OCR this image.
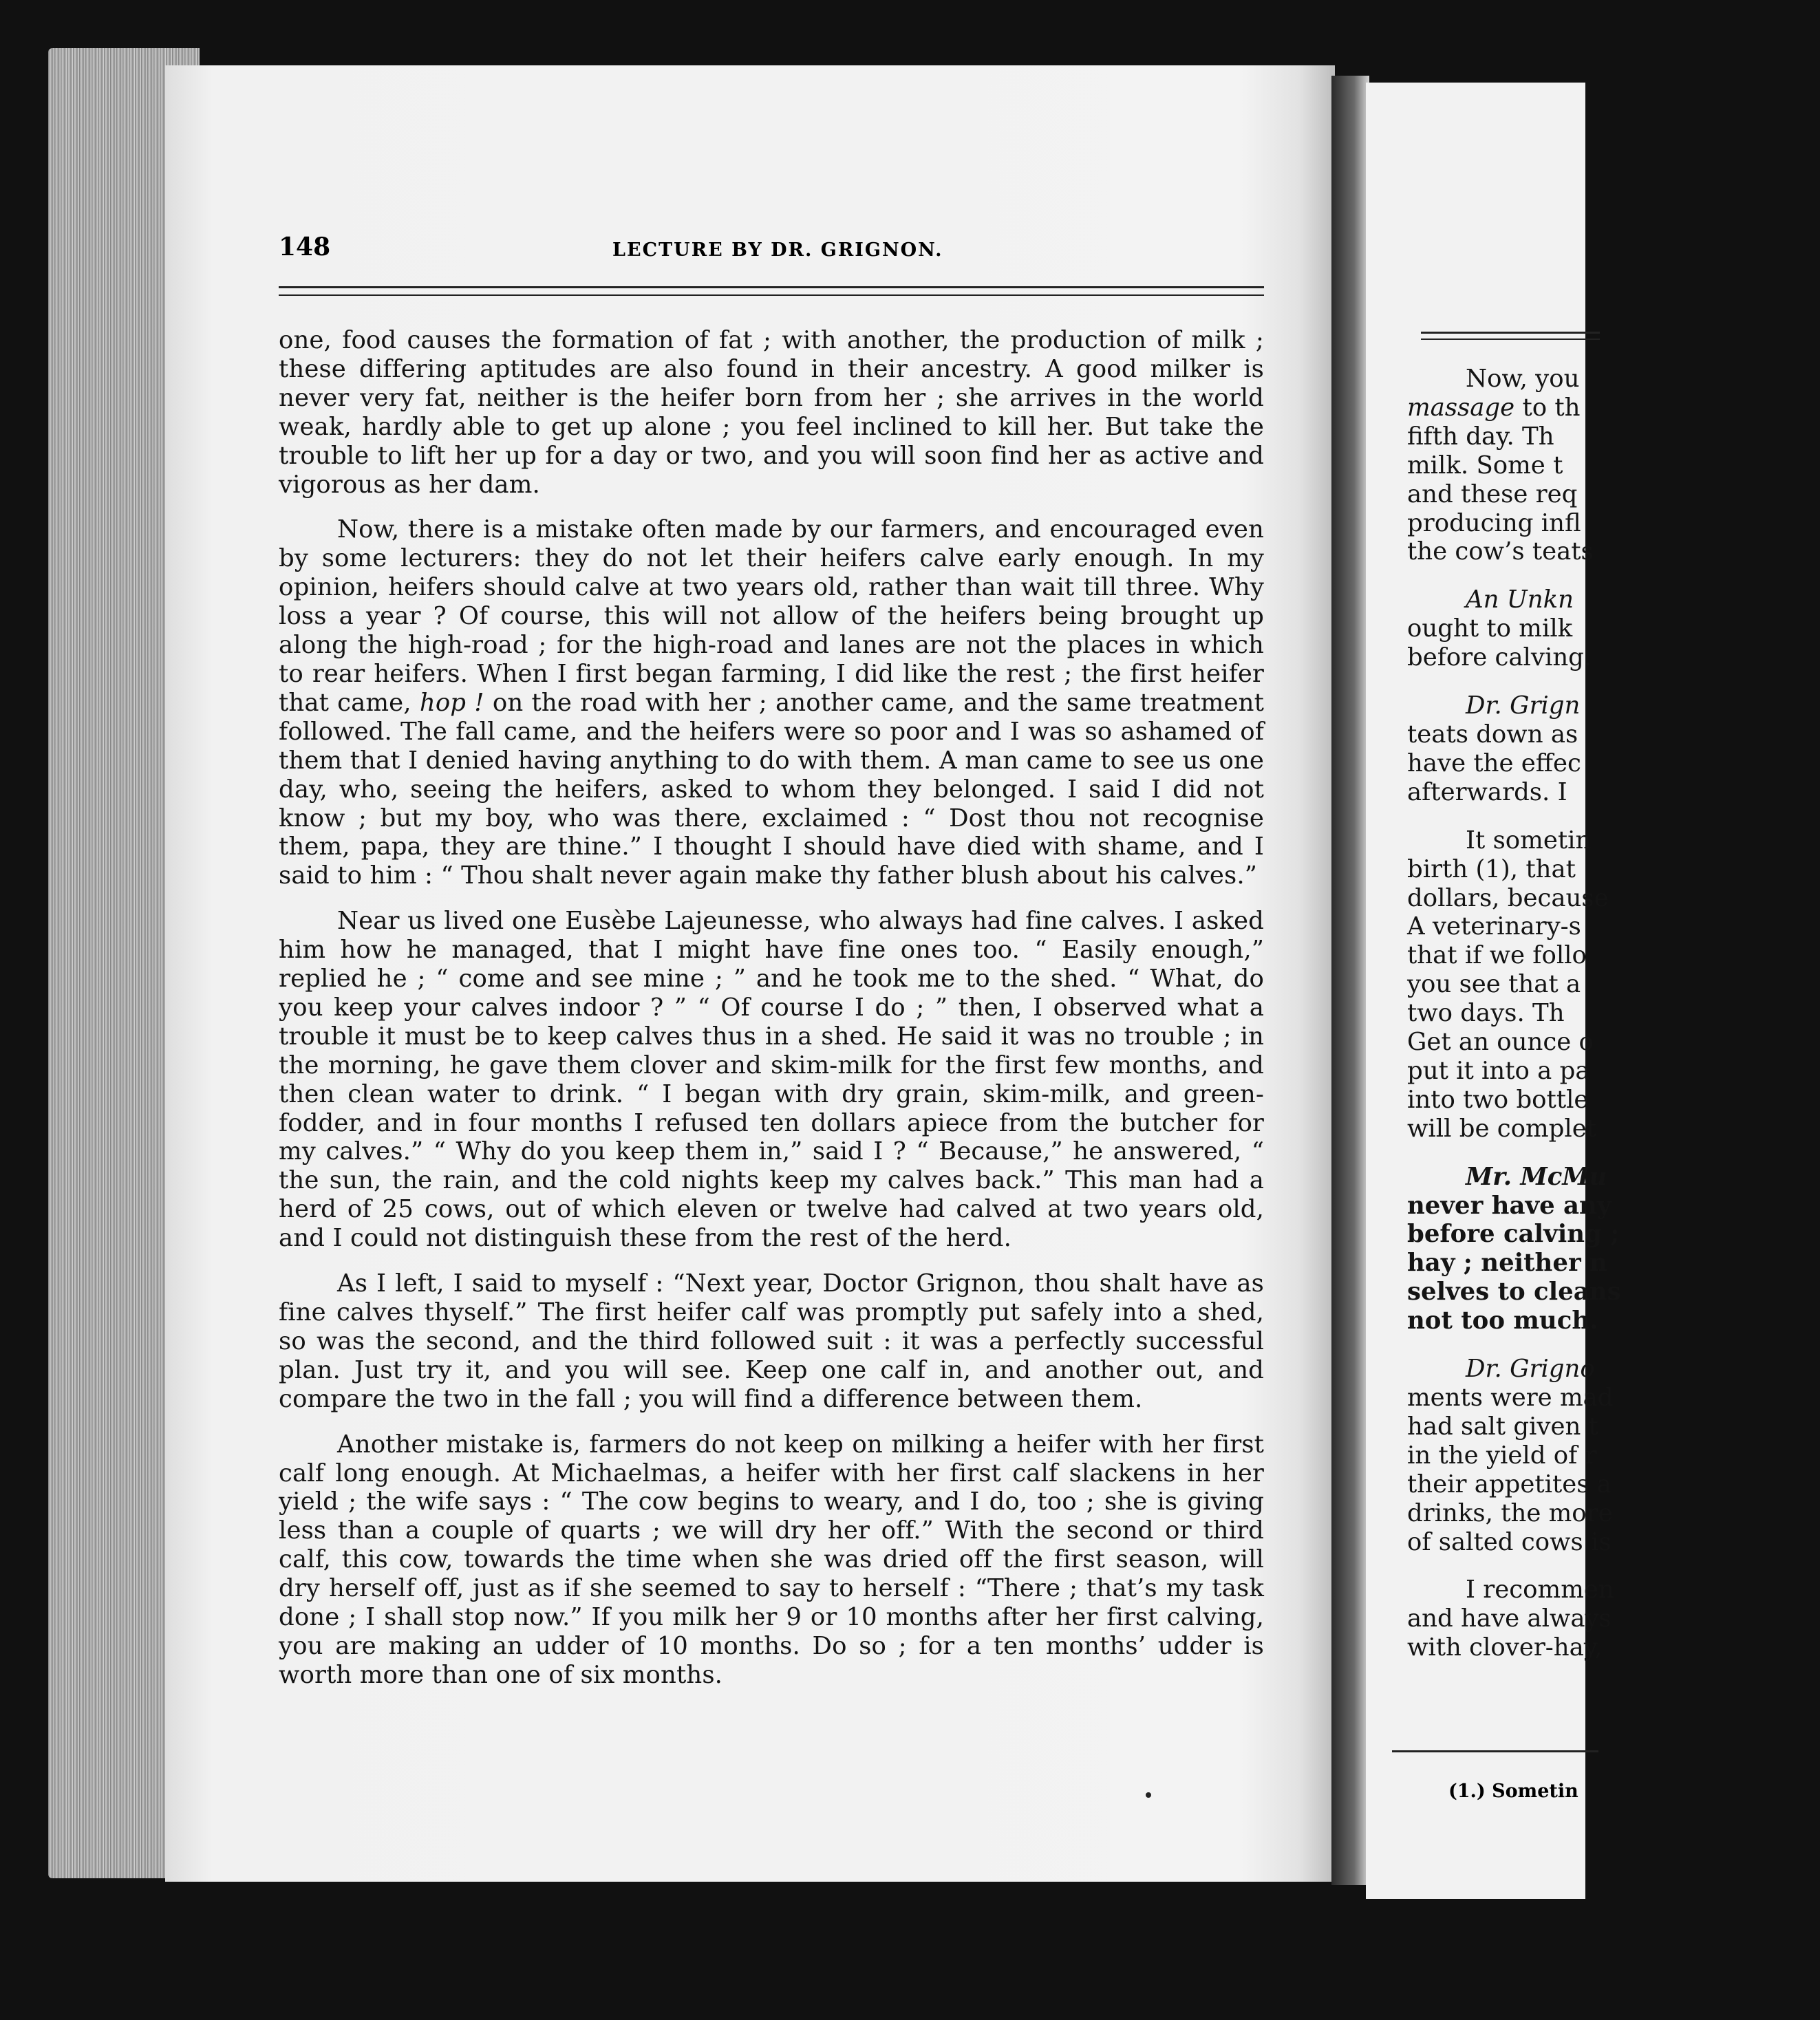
Now, you
massage to th
fifth day. Th
milk. Some t
and these req
producing infl
the cow’s teats
An Unkn
ought to milk
before calving.
Dr. Grign
teats down as
have the effec
afterwards. I
It sometin
birth (1), that
dollars, because
A veterinary-s
that if we follo
you see that a
two days. Th
Get an ounce o
put it into a pa
into two bottle
will be complet
Mr. McMu
never have any
before calving ;
hay ; neither n
selves to cleans
not too much.
Dr. Grigno
ments were mad
had salt given t
in the yield of r
their appetites a
drinks, the more
of salted cows is
I recommen
and have always
with clover-hay,
(1.) Sometin
148	LECTURE BY DR. GRIGNON.

one, food causes the formation of fat ; with another, the production of milk ; these differing aptitudes are also found in their ancestry. A good milker is never very fat, neither is the heifer born from her ; she arrives in the world weak, hardly able to get up alone ; you feel inclined to kill her. But take the trouble to lift her up for a day or two, and you will soon find her as active and vigorous as her dam.

Now, there is a mistake often made by our farmers, and encouraged even by some lecturers: they do not let their heifers calve early enough. In my opinion, heifers should calve at two years old, rather than wait till three. Why loss a year ? Of course, this will not allow of the heifers being brought up along the high-road ; for the high-road and lanes are not the places in which to rear heifers. When I first began farming, I did like the rest ; the first heifer that came, hop ! on the road with her ; another came, and the same treatment followed. The fall came, and the heifers were so poor and I was so ashamed of them that I denied having anything to do with them. A man came to see us one day, who, seeing the heifers, asked to whom they belonged. I said I did not know ; but my boy, who was there, exclaimed : “ Dost thou not recognise them, papa, they are thine.” I thought I should have died with shame, and I said to him : “ Thou shalt never again make thy father blush about his calves.”

Near us lived one Eusèbe Lajeunesse, who always had fine calves. I asked him how he managed, that I might have fine ones too. “ Easily enough,” replied he ; “ come and see mine ; ” and he took me to the shed. “ What, do you keep your calves indoor ? ” “ Of course I do ; ” then, I observed what a trouble it must be to keep calves thus in a shed. He said it was no trouble ; in the morning, he gave them clover and skim-milk for the first few months, and then clean water to drink. “ I began with dry grain, skim-milk, and green-fodder, and in four months I refused ten dollars apiece from the butcher for my calves.” “ Why do you keep them in,” said I ? “ Because,” he answered, “ the sun, the rain, and the cold nights keep my calves back.” This man had a herd of 25 cows, out of which eleven or twelve had calved at two years old, and I could not distinguish these from the rest of the herd.

As I left, I said to myself : “Next year, Doctor Grignon, thou shalt have as fine calves thyself.” The first heifer calf was promptly put safely into a shed, so was the second, and the third followed suit : it was a perfectly successful plan. Just try it, and you will see. Keep one calf in, and another out, and compare the two in the fall ; you will find a difference between them.

Another mistake is, farmers do not keep on milking a heifer with her first calf long enough. At Michaelmas, a heifer with her first calf slackens in her yield ; the wife says : “ The cow begins to weary, and I do, too ; she is giving less than a couple of quarts ; we will dry her off.” With the second or third calf, this cow, towards the time when she was dried off the first season, will dry herself off, just as if she seemed to say to herself : “There ; that’s my task done ; I shall stop now.” If you milk her 9 or 10 months after her first calving, you are making an udder of 10 months. Do so ; for a ten months’ udder is worth more than one of six months.
